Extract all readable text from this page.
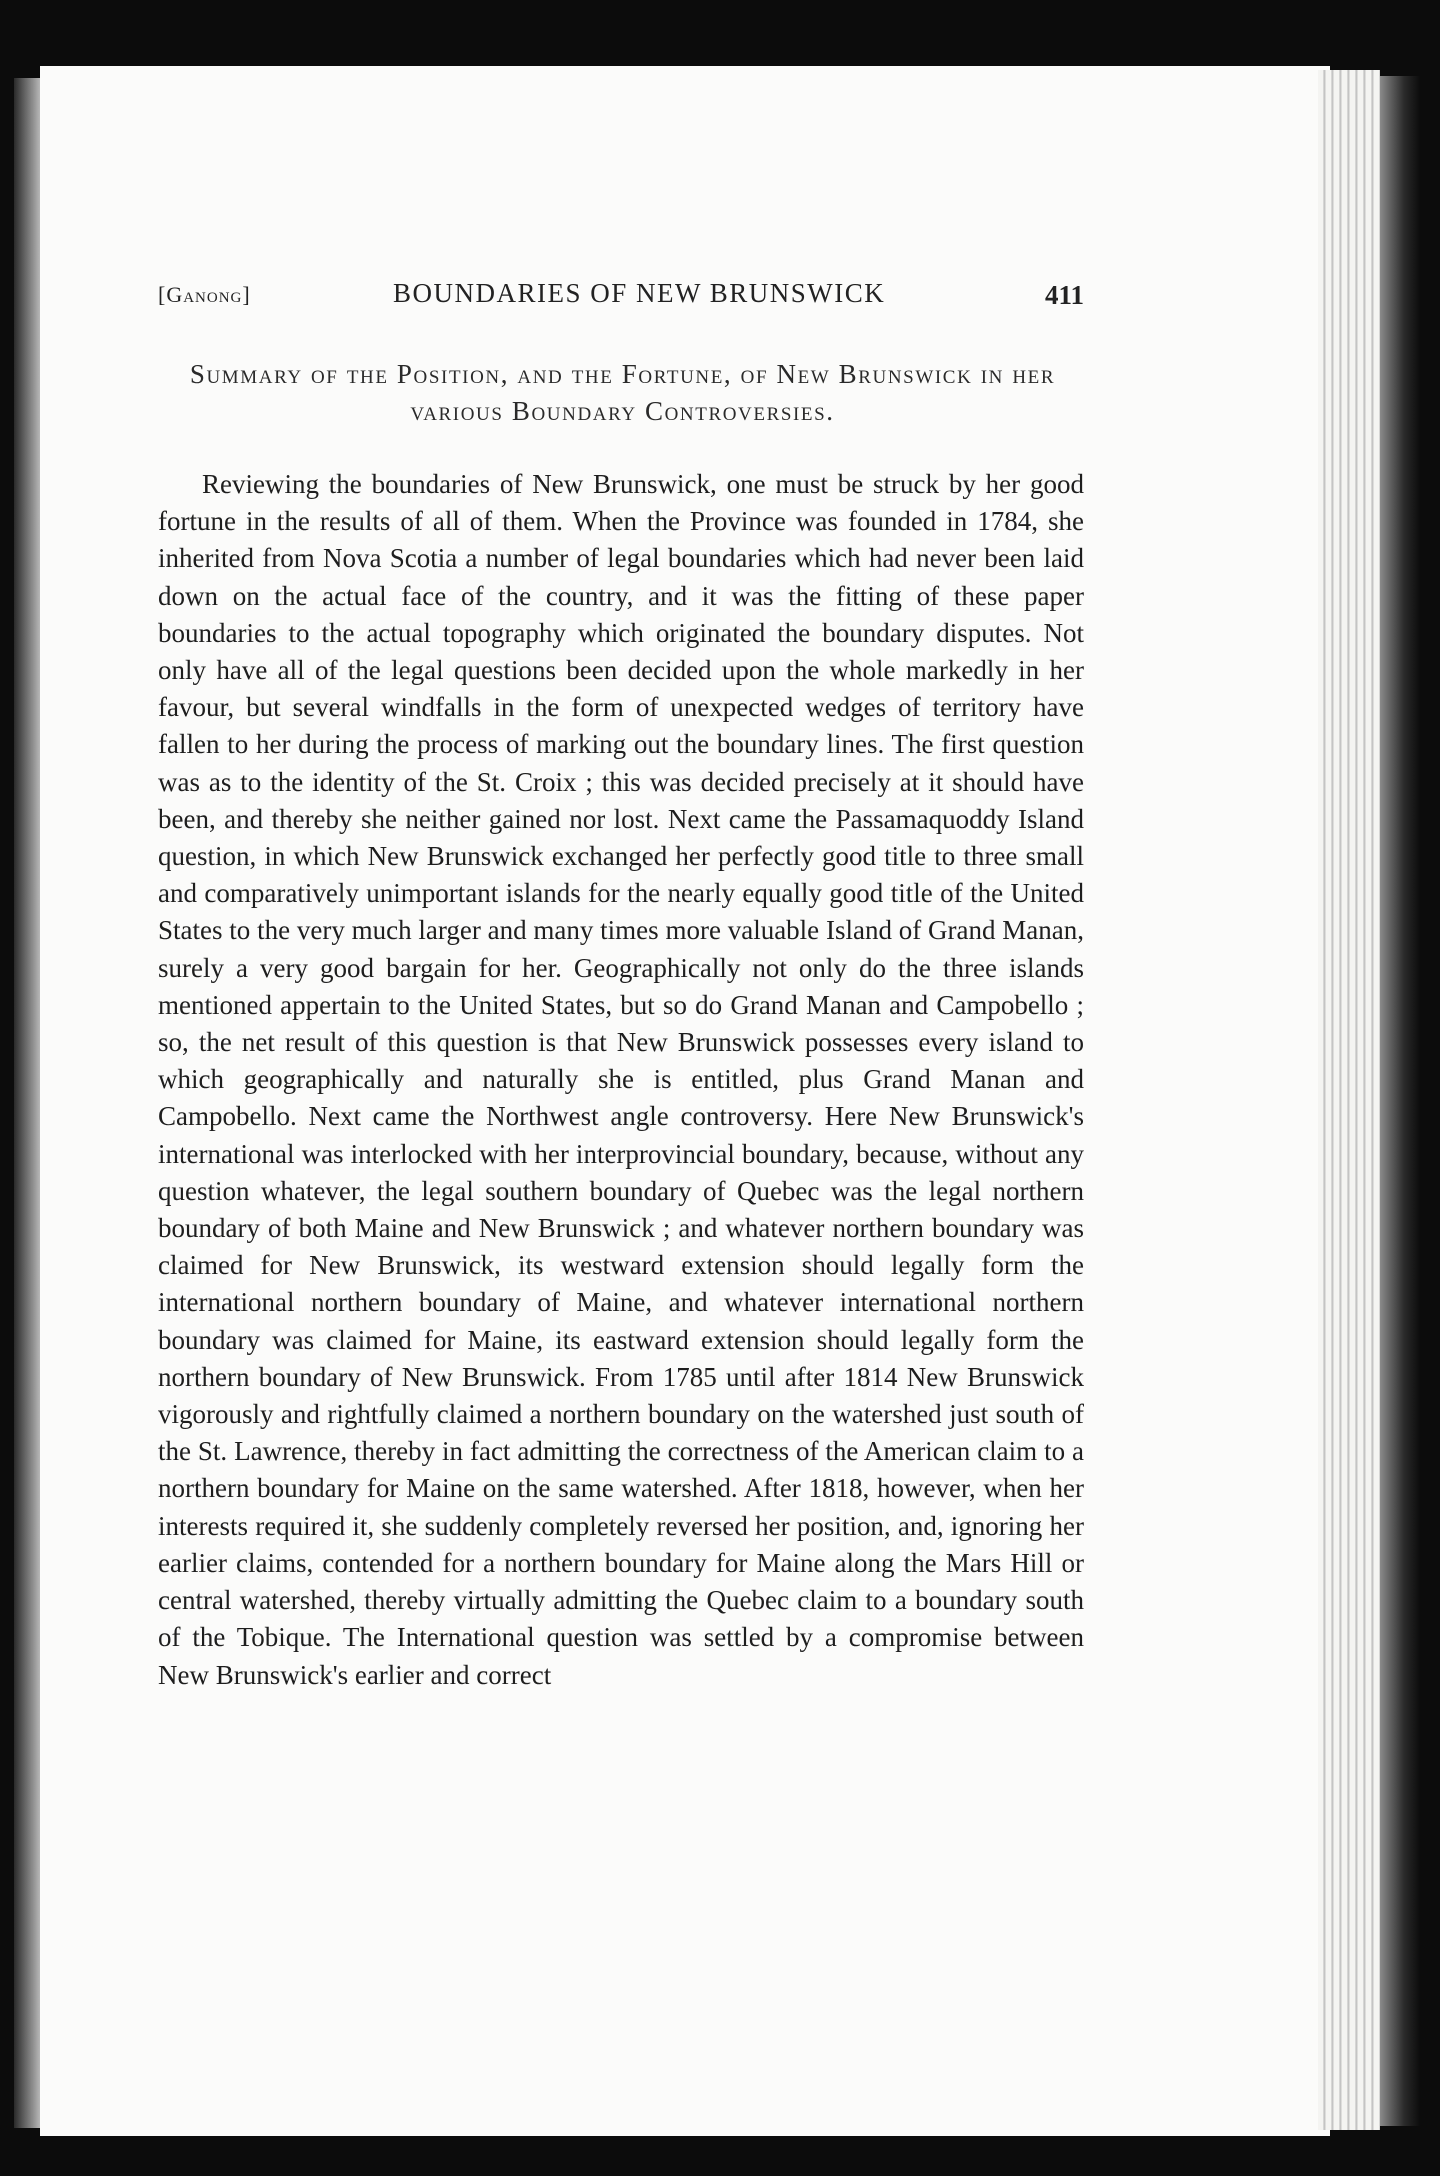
[Ganong]	BOUNDARIES OF NEW BRUNSWICK	411
Summary of the Position, and the Fortune, of New Brunswick in her various Boundary Controversies.

Reviewing the boundaries of New Brunswick, one must be struck by her good fortune in the results of all of them. When the Province was founded in 1784, she inherited from Nova Scotia a number of legal boundaries which had never been laid down on the actual face of the country, and it was the fitting of these paper boundaries to the actual topography which originated the boundary disputes. Not only have all of the legal questions been decided upon the whole markedly in her favour, but several windfalls in the form of unexpected wedges of territory have fallen to her during the process of marking out the boundary lines. The first question was as to the identity of the St. Croix ; this was decided precisely at it should have been, and thereby she neither gained nor lost. Next came the Passamaquoddy Island question, in which New Brunswick exchanged her perfectly good title to three small and comparatively unimportant islands for the nearly equally good title of the United States to the very much larger and many times more valuable Island of Grand Manan, surely a very good bargain for her. Geographically not only do the three islands mentioned appertain to the United States, but so do Grand Manan and Campobello ; so, the net result of this question is that New Brunswick possesses every island to which geographically and naturally she is entitled, plus Grand Manan and Campobello. Next came the Northwest angle controversy. Here New Brunswick's international was interlocked with her interprovincial boundary, because, without any question whatever, the legal southern boundary of Quebec was the legal northern boundary of both Maine and New Brunswick ; and whatever northern boundary was claimed for New Brunswick, its westward extension should legally form the international northern boundary of Maine, and whatever international northern boundary was claimed for Maine, its eastward extension should legally form the northern boundary of New Brunswick. From 1785 until after 1814 New Brunswick vigorously and rightfully claimed a northern boundary on the watershed just south of the St. Lawrence, thereby in fact admitting the correctness of the American claim to a northern boundary for Maine on the same watershed. After 1818, however, when her interests required it, she suddenly completely reversed her position, and, ignoring her earlier claims, contended for a northern boundary for Maine along the Mars Hill or central watershed, thereby virtually admitting the Quebec claim to a boundary south of the Tobique. The International question was settled by a compromise between New Brunswick's earlier and correct
